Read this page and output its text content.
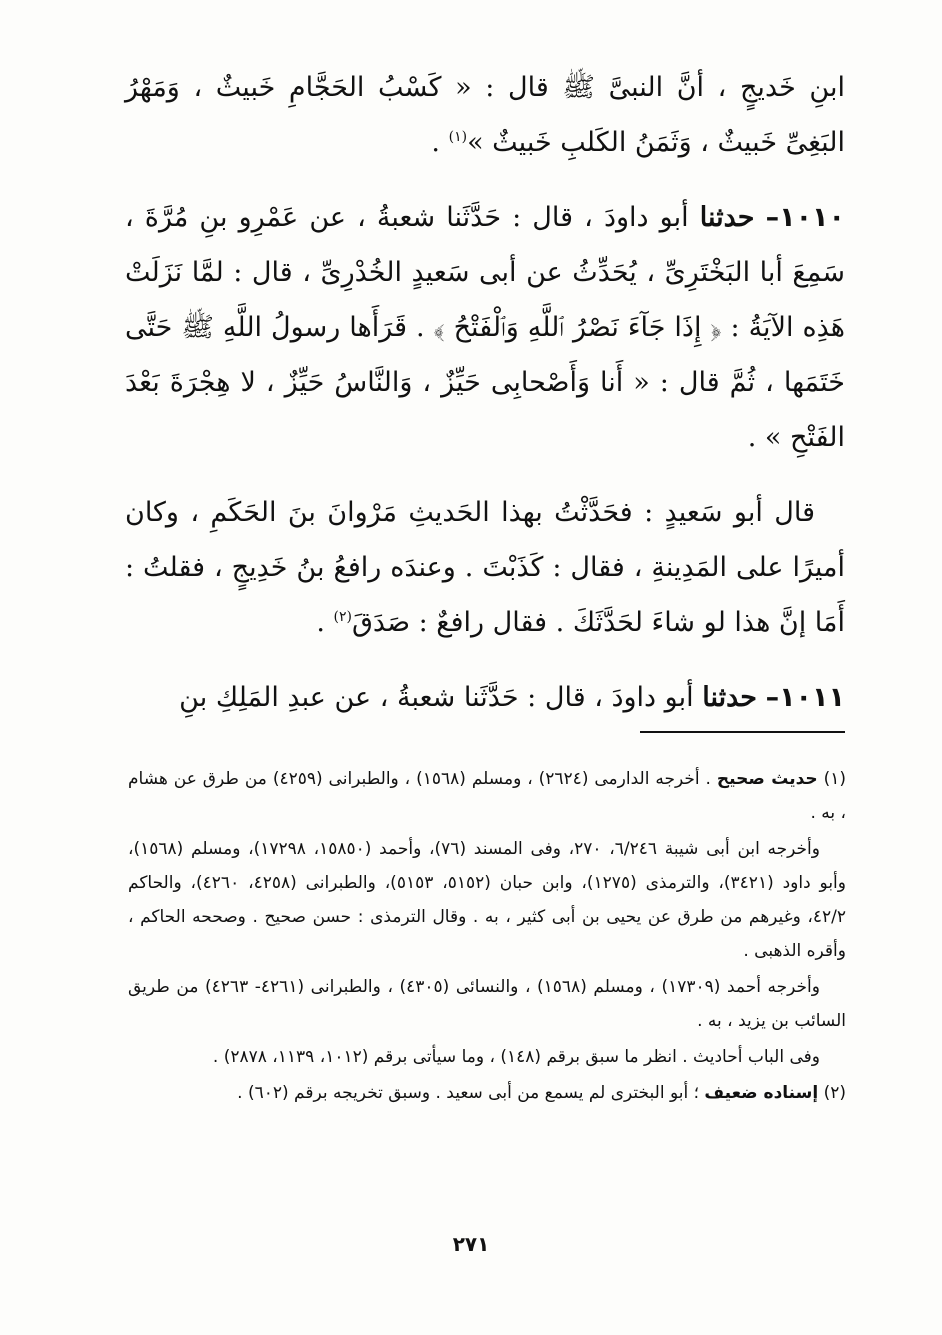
ابنِ خَديجٍ ، أنَّ النبىَّ ﷺ قال : « كَسْبُ الحَجَّامِ خَبيثٌ ، وَمَهْرُ البَغِىِّ خَبيثٌ ، وَثَمَنُ الكَلبِ خَبيثٌ »$^{(١)}$ .

١٠١٠– حدثنا أبو داودَ ، قال : حَدَّثَنا شعبةُ ، عن عَمْرِو بنِ مُرَّةَ ، سَمِعَ أبا البَخْتَرِىِّ ، يُحَدِّثُ عن أبى سَعيدٍ الخُدْرِىِّ ، قال : لمَّا نَزَلَتْ هَذِه الآيَةُ : ﴿ إِذَا جَآءَ نَصْرُ ٱللَّهِ وَٱلْفَتْحُ ﴾ . قَرَأَها رسولُ اللَّهِ ﷺ حَتَّى خَتَمَها ، ثُمَّ قال : « أَنا وَأَصْحابِى حَيِّزٌ ، وَالنَّاسُ حَيِّزٌ ، لا هِجْرَةَ بَعْدَ الفَتْحِ » .

قال أبو سَعيدٍ : فحَدَّثْتُ بهذا الحَديثِ مَرْوانَ بنَ الحَكَمِ ، وكان أميرًا على المَدِينةِ ، فقال : كَذَبْتَ . وعندَه رافعُ بنُ خَدِيجٍ ، فقلتُ : أَمَا إنَّ هذا لو شاءَ لحَدَّثَكَ . فقال رافعٌ : صَدَقَ$^{(٢)}$ .

١٠١١– حدثنا أبو داودَ ، قال : حَدَّثَنا شعبةُ ، عن عبدِ المَلِكِ بنِ

(١) حديث صحيح . أخرجه الدارمى (٢٦٢٤) ، ومسلم (١٥٦٨) ، والطبرانى (٤٢٥٩) من طرق عن هشام ، به .

وأخرجه ابن أبى شيبة ٦/٢٤٦، ٢٧٠، وفى المسند (٧٦)، وأحمد (١٥٨٥٠، ١٧٢٩٨)، ومسلم (١٥٦٨)، وأبو داود (٣٤٢١)، والترمذى (١٢٧٥)، وابن حبان (٥١٥٢، ٥١٥٣)، والطبرانى (٤٢٥٨، ٤٢٦٠)، والحاكم ٤٢/٢، وغيرهم من طرق عن يحيى بن أبى كثير ، به . وقال الترمذى : حسن صحيح . وصححه الحاكم ، وأقره الذهبى .

وأخرجه أحمد (١٧٣٠٩) ، ومسلم (١٥٦٨) ، والنسائى (٤٣٠٥) ، والطبرانى (٤٢٦١- ٤٢٦٣) من طريق السائب بن يزيد ، به .

وفى الباب أحاديث . انظر ما سبق برقم (١٤٨) ، وما سيأتى برقم (١٠١٢، ١١٣٩، ٢٨٧٨) .

(٢) إسناده ضعيف ؛ أبو البخترى لم يسمع من أبى سعيد . وسبق تخريجه برقم (٦٠٢) .

٢٧١
